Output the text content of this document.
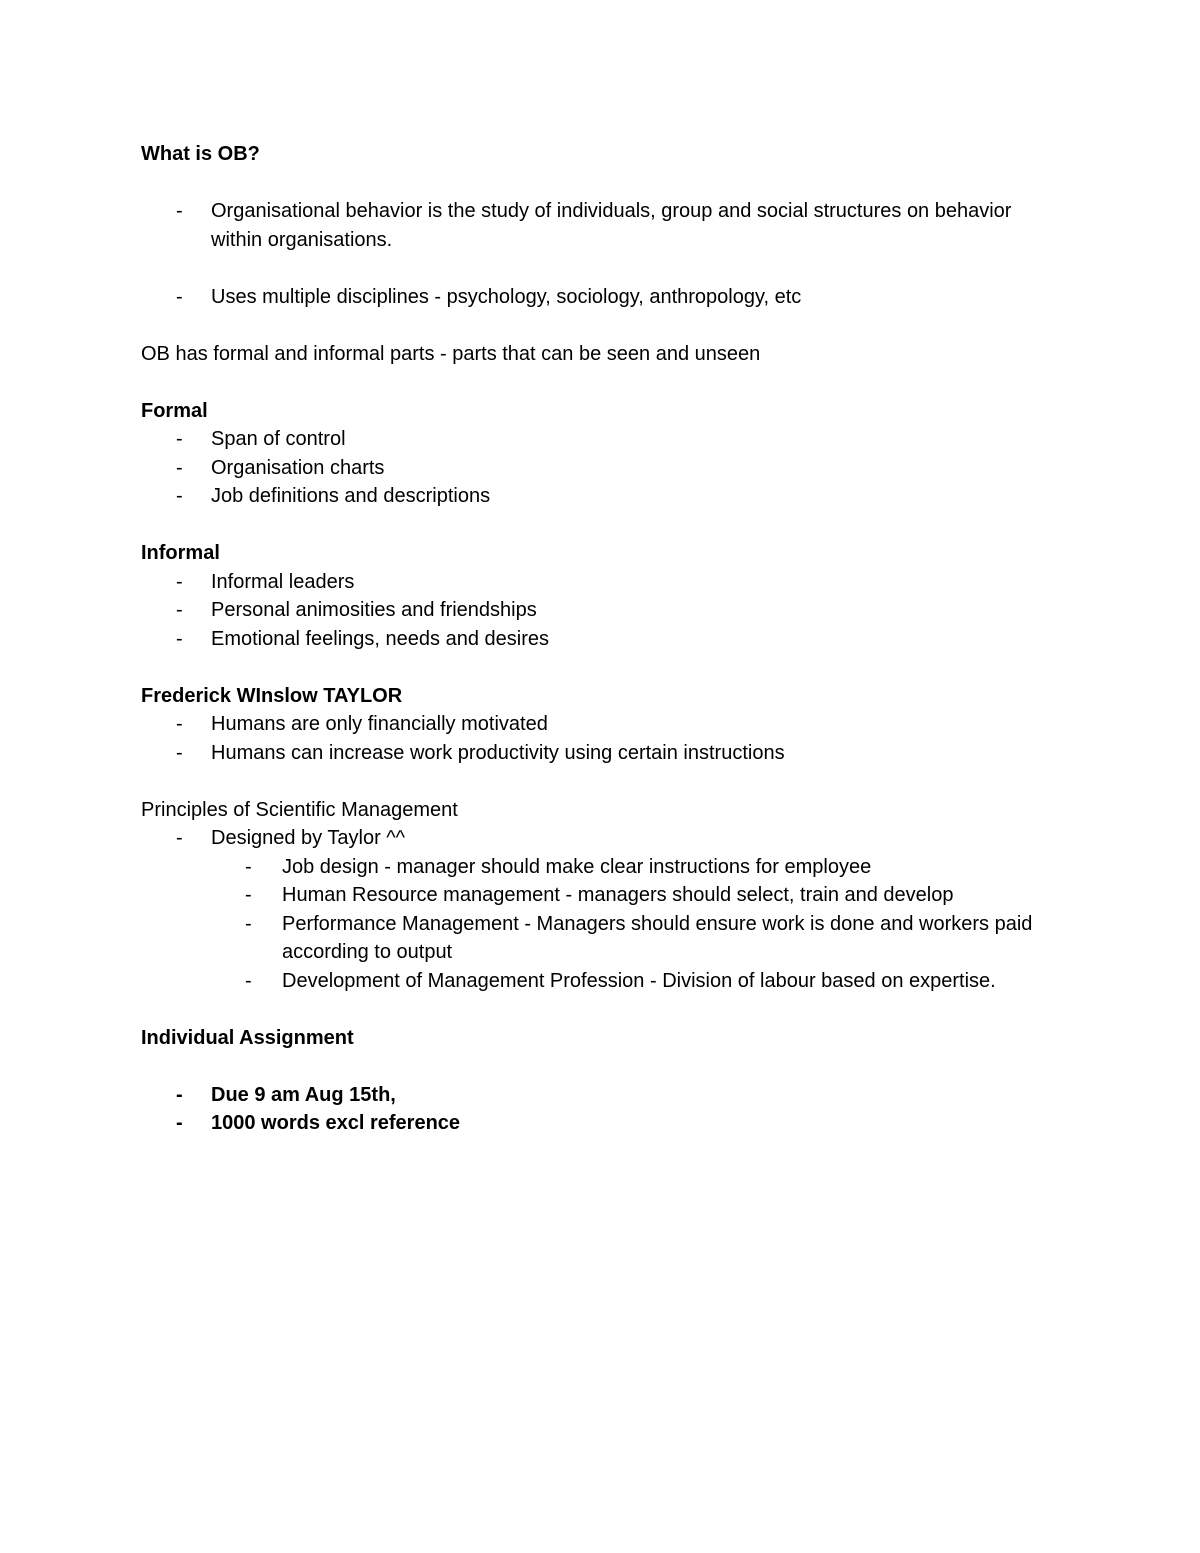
What is OB?

- Organisational behavior is the study of individuals, group and social structures on behavior within organisations.
- Uses multiple disciplines - psychology, sociology, anthropology, etc

OB has formal and informal parts - parts that can be seen and unseen

Formal

- Span of control
- Organisation charts
- Job definitions and descriptions

Informal

- Informal leaders
- Personal animosities and friendships
- Emotional feelings, needs and desires

Frederick WInslow TAYLOR

- Humans are only financially motivated
- Humans can increase work productivity using certain instructions

Principles of Scientific Management

- Designed by Taylor ^^
- Job design - manager should make clear instructions for employee
- Human Resource management - managers should select, train and develop
- Performance Management - Managers should ensure work is done and workers paid according to output
- Development of Management Profession - Division of labour based on expertise.

Individual Assignment

- Due 9 am Aug 15th,
- 1000 words excl reference
